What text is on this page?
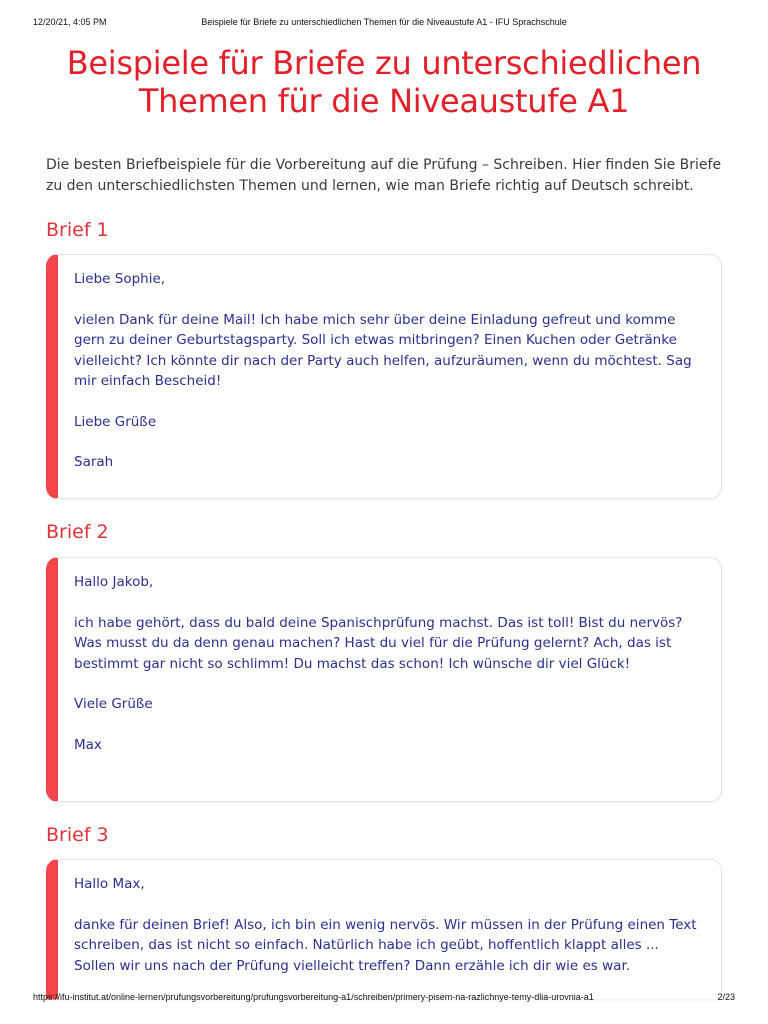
12/20/21, 4:05 PM	Beispiele für Briefe zu unterschiedlichen Themen für die Niveaustufe A1 - IFU Sprachschule
Beispiele für Briefe zu unterschiedlichen
Themen für die Niveaustufe A1

Die besten Briefbeispiele für die Vorbereitung auf die Prüfung – Schreiben. Hier finden Sie Briefe zu den unterschiedlichsten Themen und lernen, wie man Briefe richtig auf Deutsch schreibt.

Brief 1

Liebe Sophie,

vielen Dank für deine Mail! Ich habe mich sehr über deine Einladung gefreut und komme gern zu deiner Geburtstagsparty. Soll ich etwas mitbringen? Einen Kuchen oder Getränke vielleicht? Ich könnte dir nach der Party auch helfen, aufzuräumen, wenn du möchtest. Sag mir einfach Bescheid!

Liebe Grüße

Sarah

Brief 2

Hallo Jakob,

ich habe gehört, dass du bald deine Spanischprüfung machst. Das ist toll! Bist du nervös? Was musst du da denn genau machen? Hast du viel für die Prüfung gelernt? Ach, das ist bestimmt gar nicht so schlimm! Du machst das schon! Ich wünsche dir viel Glück!

Viele Grüße

Max

Brief 3

Hallo Max,

danke für deinen Brief! Also, ich bin ein wenig nervös. Wir müssen in der Prüfung einen Text schreiben, das ist nicht so einfach. Natürlich habe ich geübt, hoffentlich klappt alles ... Sollen wir uns nach der Prüfung vielleicht treffen? Dann erzähle ich dir wie es war.

https://ifu-institut.at/online-lernen/prufungsvorbereitung/prufungsvorbereitung-a1/schreiben/primery-pisem-na-razlichnye-temy-dlia-urovnia-a1	2/23
